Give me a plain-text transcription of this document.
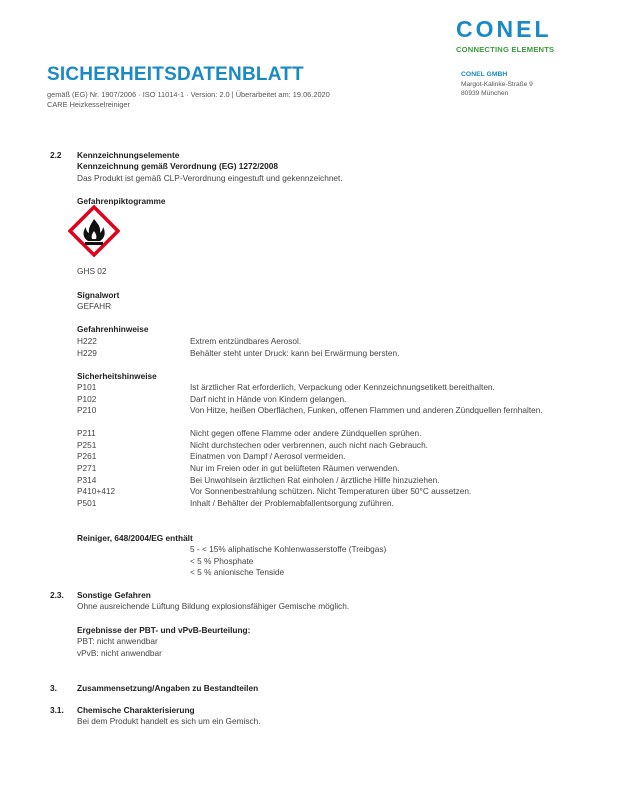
SICHERHEITSDATENBLATT
gemäß (EG) Nr. 1907/2006 · ISO 11014-1 · Version: 2.0 | Überarbeitet am: 19.06.2020
CARE Heizkesselreiniger
CONEL
CONNECTING ELEMENTS
CONEL GMBH
Margot-Kalinke-Straße 9
80939 München
2.2 Kennzeichnungselemente
Kennzeichnung gemäß Verordnung (EG) 1272/2008
Das Produkt ist gemäß CLP-Verordnung eingestuft und gekennzeichnet.
Gefahrenpiktogramme
GHS 02
Signalwort
GEFAHR
Gefahrenhinweise
H222	Extrem entzündbares Aerosol.
H229	Behälter steht unter Druck: kann bei Erwärmung bersten.
Sicherheitshinweise
P101	Ist ärztlicher Rat erforderlich, Verpackung oder Kennzeichnungsetikett bereithalten.
P102	Darf nicht in Hände von Kindern gelangen.
P210	Von Hitze, heißen Oberflächen, Funken, offenen Flammen und anderen Zündquellen fernhalten.
P211	Nicht gegen offene Flamme oder andere Zündquellen sprühen.
P251	Nicht durchstechen oder verbrennen, auch nicht nach Gebrauch.
P261	Einatmen von Dampf / Aerosol vermeiden.
P271	Nur im Freien oder in gut belüfteten Räumen verwenden.
P314	Bei Unwohlsein ärztlichen Rat einholen / ärztliche Hilfe hinzuziehen.
P410+412	Vor Sonnenbestrahlung schützen. Nicht Temperaturen über 50°C aussetzen.
P501	Inhalt / Behälter der Problemabfallentsorgung zuführen.
Reiniger, 648/2004/EG enthält
5 - < 15% aliphatische Kohlenwasserstoffe (Treibgas)
< 5 % Phosphate
< 5 % anionische Tenside
2.3. Sonstige Gefahren
Ohne ausreichende Lüftung Bildung explosionsfähiger Gemische möglich.
Ergebnisse der PBT- und vPvB-Beurteilung:
PBT: nicht anwendbar
vPvB: nicht anwendbar
3. Zusammensetzung/Angaben zu Bestandteilen
3.1. Chemische Charakterisierung
Bei dem Produkt handelt es sich um ein Gemisch.
